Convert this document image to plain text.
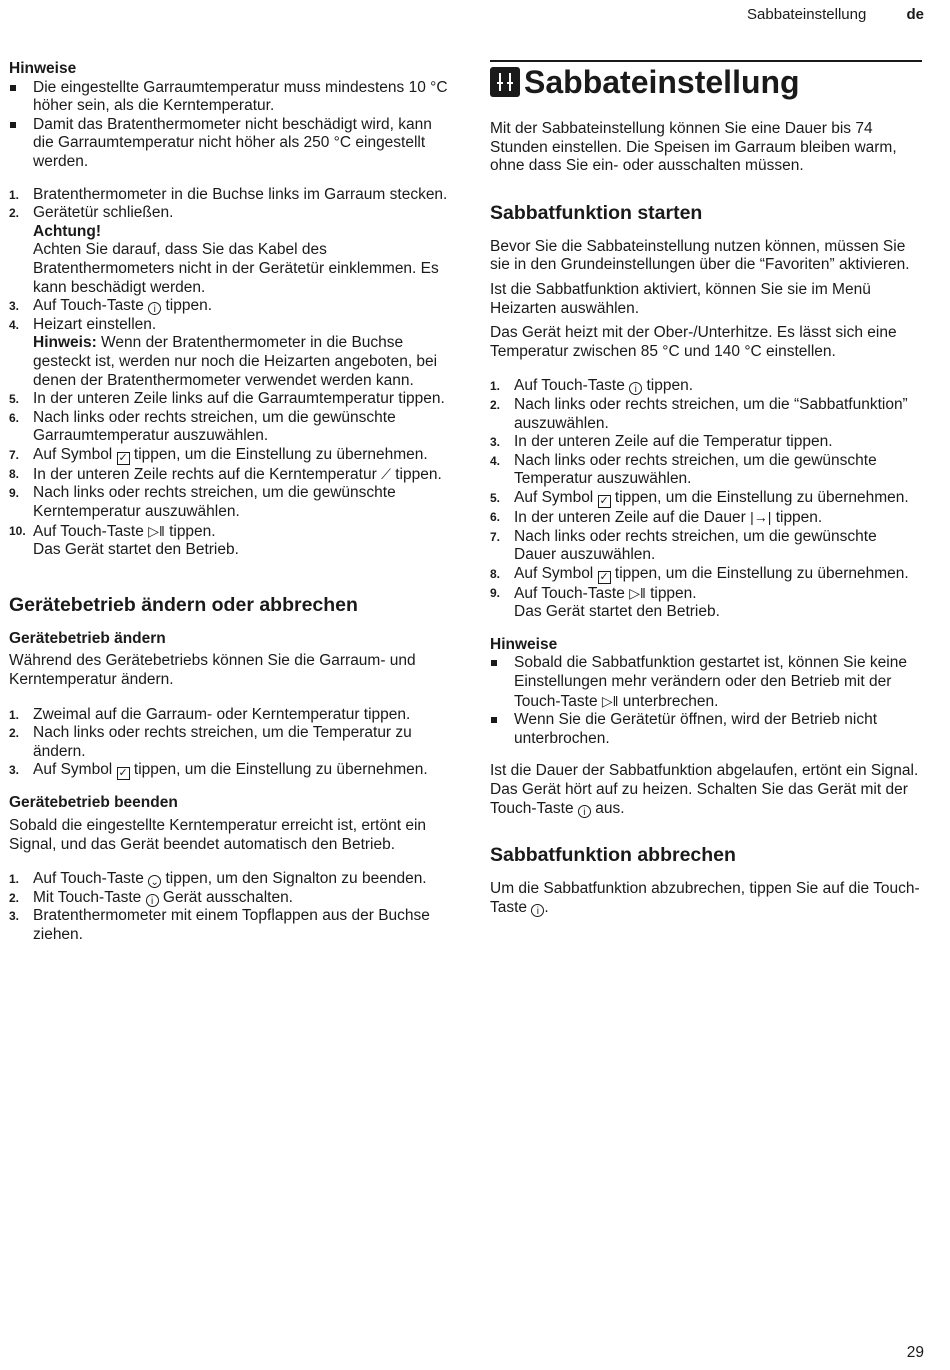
Sabbateinstellung	de

Hinweise

Die eingestellte Garraumtemperatur muss mindestens 10 °C höher sein, als die Kerntemperatur.
Damit das Bratenthermometer nicht beschädigt wird, kann die Garraumtemperatur nicht höher als 250 °C eingestellt werden.
1. Bratenthermometer in die Buchse links im Garraum stecken.
2. Gerätetür schließen.
Achtung!
Achten Sie darauf, dass Sie das Kabel des Bratenthermometers nicht in der Gerätetür einklemmen. Es kann beschädigt werden.
3. Auf Touch-Taste i tippen.
4. Heizart einstellen.
Hinweis: Wenn der Bratenthermometer in die Buchse gesteckt ist, werden nur noch die Heizarten angeboten, bei denen der Bratenthermometer verwendet werden kann.
5. In der unteren Zeile links auf die Garraumtemperatur tippen.
6. Nach links oder rechts streichen, um die gewünschte Garraumtemperatur auszuwählen.
7. Auf Symbol ✓ tippen, um die Einstellung zu übernehmen.
8. In der unteren Zeile rechts auf die Kerntemperatur ⟋ tippen.
9. Nach links oder rechts streichen, um die gewünschte Kerntemperatur auszuwählen.
10. Auf Touch-Taste ▷‖ tippen.
Das Gerät startet den Betrieb.
Gerätebetrieb ändern oder abbrechen
Gerätebetrieb ändern

Während des Gerätebetriebs können Sie die Garraum- und Kerntemperatur ändern.

1. Zweimal auf die Garraum- oder Kerntemperatur tippen.
2. Nach links oder rechts streichen, um die Temperatur zu ändern.
3. Auf Symbol ✓ tippen, um die Einstellung zu übernehmen.
Gerätebetrieb beenden

Sobald die eingestellte Kerntemperatur erreicht ist, ertönt ein Signal, und das Gerät beendet automatisch den Betrieb.

1. Auf Touch-Taste ⌄ tippen, um den Signalton zu beenden.
2. Mit Touch-Taste i Gerät ausschalten.
3. Bratenthermometer mit einem Topflappen aus der Buchse ziehen.
Sabbateinstellung

Mit der Sabbateinstellung können Sie eine Dauer bis 74 Stunden einstellen. Die Speisen im Garraum bleiben warm, ohne dass Sie ein- oder ausschalten müssen.

Sabbatfunktion starten

Bevor Sie die Sabbateinstellung nutzen können, müssen Sie sie in den Grundeinstellungen über die “Favoriten” aktivieren.

Ist die Sabbatfunktion aktiviert, können Sie sie im Menü Heizarten auswählen.

Das Gerät heizt mit der Ober-/Unterhitze. Es lässt sich eine Temperatur zwischen 85 °C und 140 °C einstellen.

1. Auf Touch-Taste i tippen.
2. Nach links oder rechts streichen, um die “Sabbatfunktion” auszuwählen.
3. In der unteren Zeile auf die Temperatur tippen.
4. Nach links oder rechts streichen, um die gewünschte Temperatur auszuwählen.
5. Auf Symbol ✓ tippen, um die Einstellung zu übernehmen.
6. In der unteren Zeile auf die Dauer |→| tippen.
7. Nach links oder rechts streichen, um die gewünschte Dauer auszuwählen.
8. Auf Symbol ✓ tippen, um die Einstellung zu übernehmen.
9. Auf Touch-Taste ▷‖ tippen.
Das Gerät startet den Betrieb.

Hinweise

Sobald die Sabbatfunktion gestartet ist, können Sie keine Einstellungen mehr verändern oder den Betrieb mit der Touch-Taste ▷‖ unterbrechen.
Wenn Sie die Gerätetür öffnen, wird der Betrieb nicht unterbrochen.

Ist die Dauer der Sabbatfunktion abgelaufen, ertönt ein Signal. Das Gerät hört auf zu heizen. Schalten Sie das Gerät mit der Touch-Taste i aus.

Sabbatfunktion abbrechen

Um die Sabbatfunktion abzubrechen, tippen Sie auf die Touch-Taste i .

29
